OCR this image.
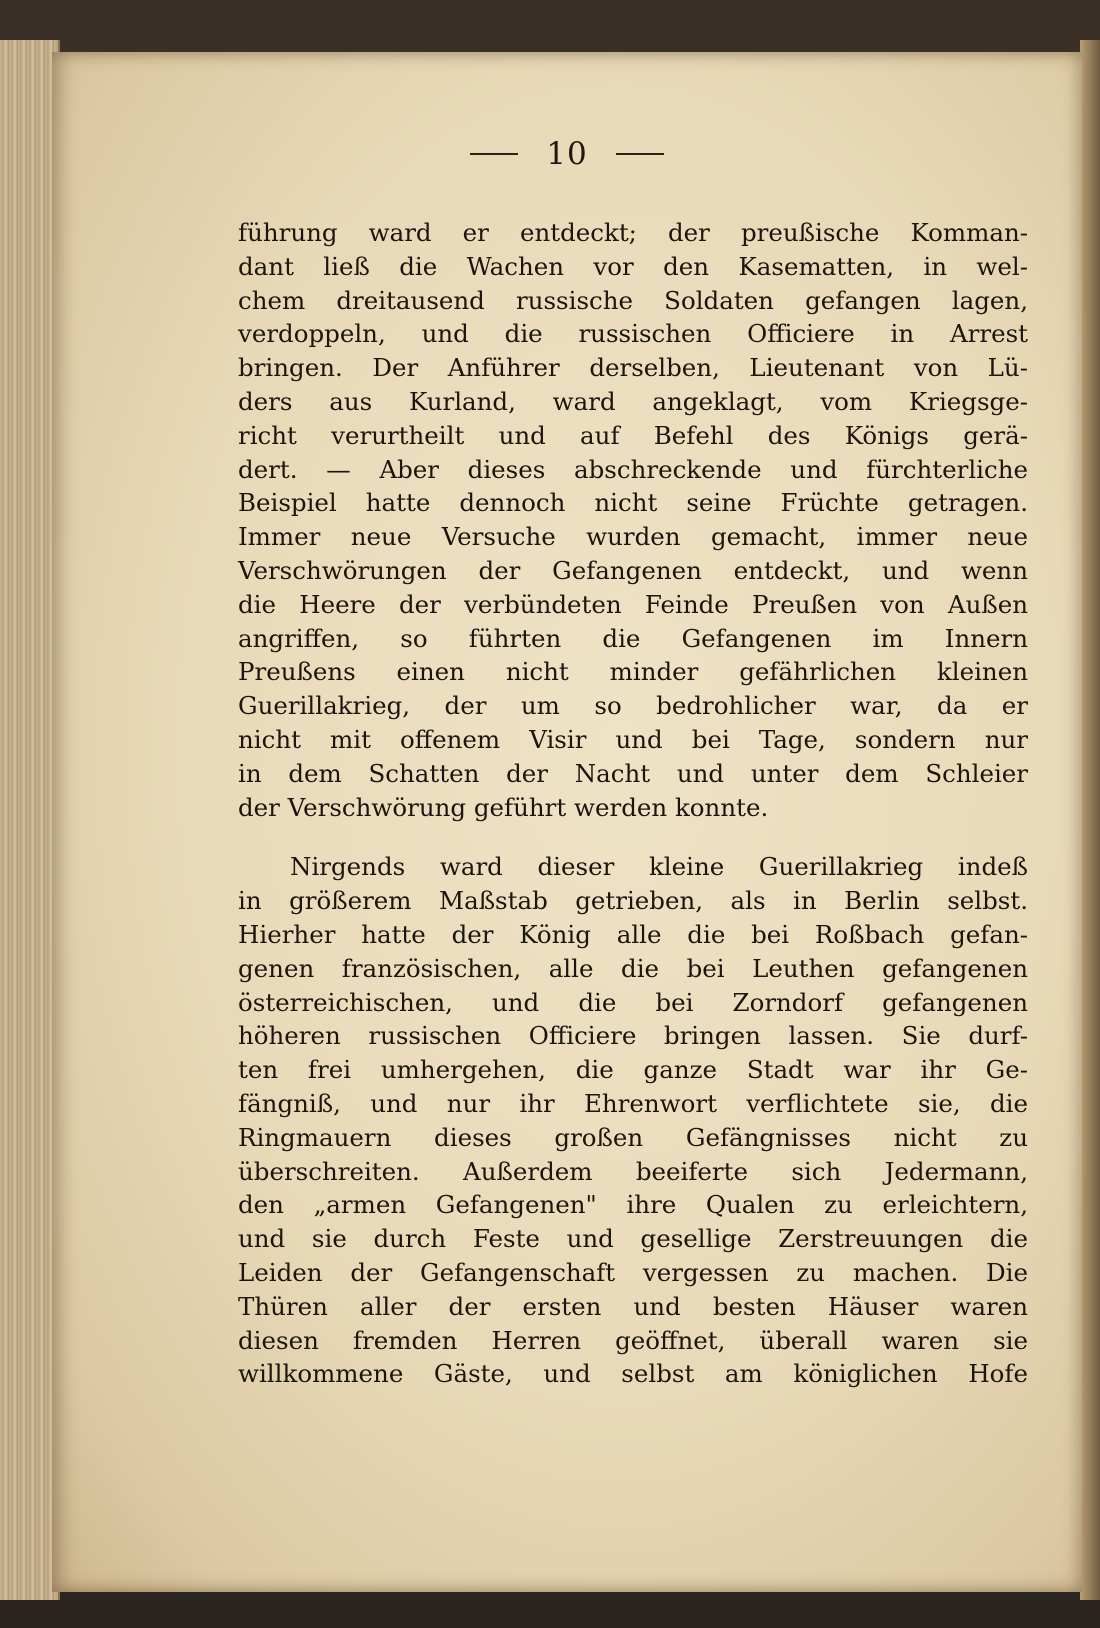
10
führung ward er entdeckt; der preußische Komman-
dant ließ die Wachen vor den Kasematten, in wel-
chem dreitausend russische Soldaten gefangen lagen,
verdoppeln, und die russischen Officiere in Arrest
bringen. Der Anführer derselben, Lieutenant von Lü-
ders aus Kurland, ward angeklagt, vom Kriegsge-
richt verurtheilt und auf Befehl des Königs gerä-
dert. — Aber dieses abschreckende und fürchterliche
Beispiel hatte dennoch nicht seine Früchte getragen.
Immer neue Versuche wurden gemacht, immer neue
Verschwörungen der Gefangenen entdeckt, und wenn
die Heere der verbündeten Feinde Preußen von Außen
angriffen, so führten die Gefangenen im Innern
Preußens einen nicht minder gefährlichen kleinen
Guerillakrieg, der um so bedrohlicher war, da er
nicht mit offenem Visir und bei Tage, sondern nur
in dem Schatten der Nacht und unter dem Schleier
der Verschwörung geführt werden konnte.
Nirgends ward dieser kleine Guerillakrieg indeß
in größerem Maßstab getrieben, als in Berlin selbst.
Hierher hatte der König alle die bei Roßbach gefan-
genen französischen, alle die bei Leuthen gefangenen
österreichischen, und die bei Zorndorf gefangenen
höheren russischen Officiere bringen lassen. Sie durf-
ten frei umhergehen, die ganze Stadt war ihr Ge-
fängniß, und nur ihr Ehrenwort verflichtete sie, die
Ringmauern dieses großen Gefängnisses nicht zu
überschreiten. Außerdem beeiferte sich Jedermann,
den „armen Gefangenen" ihre Qualen zu erleichtern,
und sie durch Feste und gesellige Zerstreuungen die
Leiden der Gefangenschaft vergessen zu machen. Die
Thüren aller der ersten und besten Häuser waren
diesen fremden Herren geöffnet, überall waren sie
willkommene Gäste, und selbst am königlichen Hofe
